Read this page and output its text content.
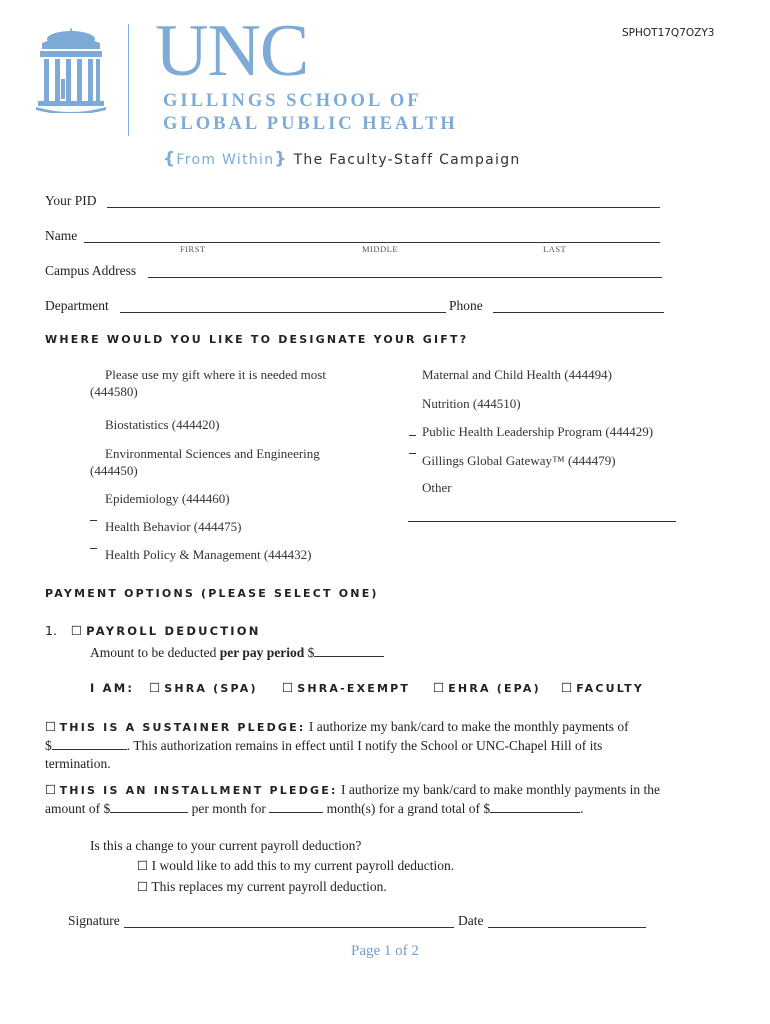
SPHOT17Q7OZY3
UNC
GILLINGS SCHOOL OF
GLOBAL PUBLIC HEALTH
{From Within} The Faculty-Staff Campaign
Your PID
Name
FIRST	MIDDLE	LAST
Campus Address
Department	Phone
WHERE WOULD YOU LIKE TO DESIGNATE YOUR GIFT?
Please use my gift where it is needed most
(444580)
Biostatistics (444420)
Environmental Sciences and Engineering
(444450)
Epidemiology (444460)
Health Behavior (444475)
Health Policy & Management (444432)
Maternal and Child Health (444494)
Nutrition (444510)
Public Health Leadership Program (444429)
Gillings Global Gateway™ (444479)
Other
PAYMENT OPTIONS (PLEASE SELECT ONE)
1. ☐ PAYROLL DEDUCTION
Amount to be deducted per pay period $
I AM: ☐ SHRA (SPA) ☐ SHRA-EXEMPT ☐ EHRA (EPA) ☐ FACULTY
☐ THIS IS A SUSTAINER PLEDGE: I authorize my bank/card to make the monthly payments of
$	. This authorization remains in effect until I notify the School or UNC-Chapel Hill of its
termination.
☐ THIS IS AN INSTALLMENT PLEDGE: I authorize my bank/card to make monthly payments in the
amount of $	per month for	month(s) for a grand total of $	.
Is this a change to your current payroll deduction?
☐ I would like to add this to my current payroll deduction.
☐ This replaces my current payroll deduction.
Signature	Date
Page 1 of 2
